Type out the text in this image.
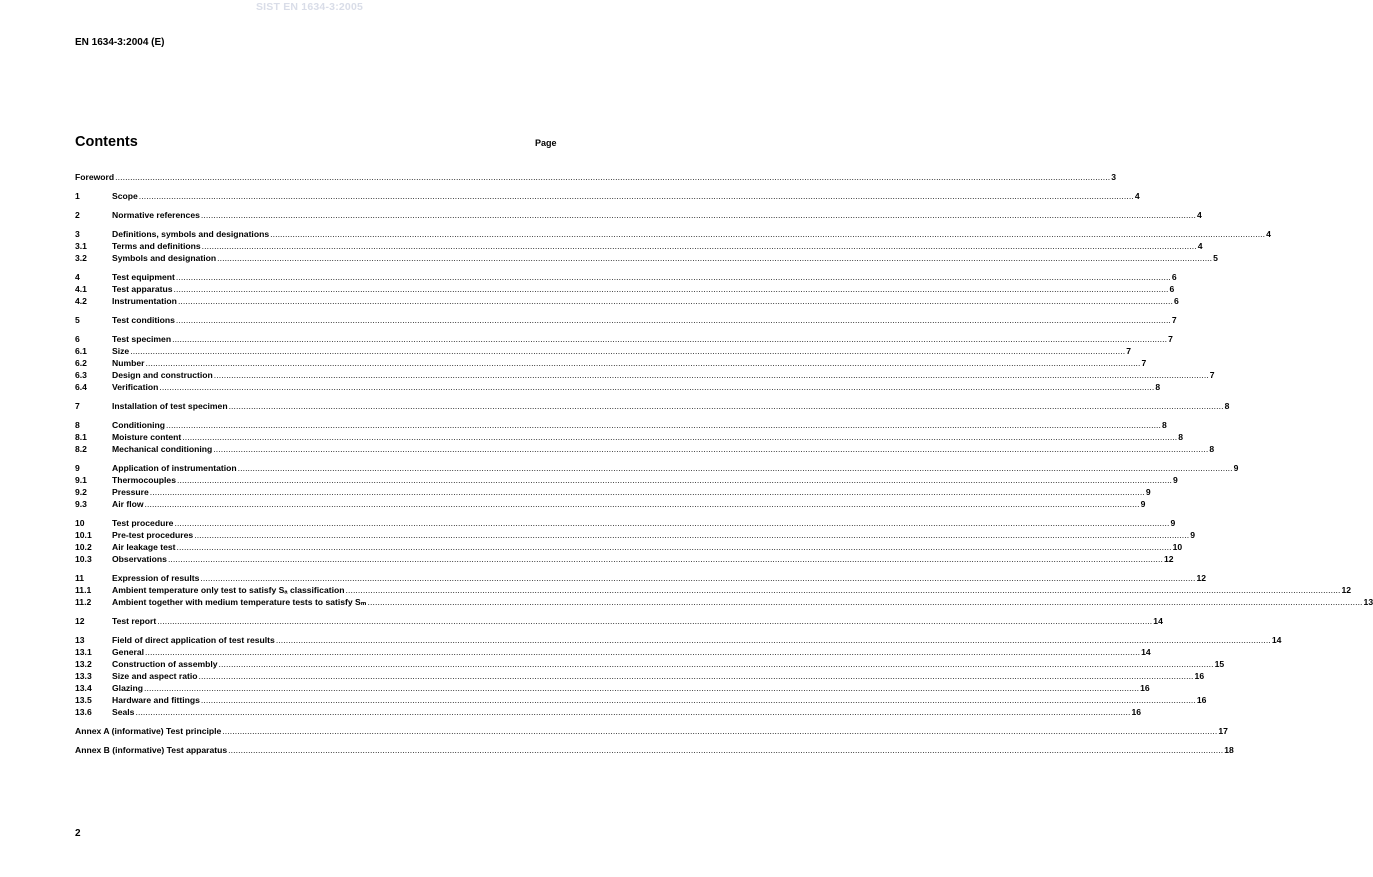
SIST EN 1634-3:2005
EN 1634-3:2004 (E)
Contents	Page
Foreword ................................................................................................................................................................................................................................................................................................................................................................................................................ 3
1	Scope ................................................................................................................................................................................................................................................................................................................................................................................................................ 4
2	Normative references ................................................................................................................................................................................................................................................................................................................................................................................................................ 4
3	Definitions, symbols and designations ................................................................................................................................................................................................................................................................................................................................................................................................................ 4
3.1	Terms and definitions ................................................................................................................................................................................................................................................................................................................................................................................................................ 4
3.2	Symbols and designation ................................................................................................................................................................................................................................................................................................................................................................................................................ 5
4	Test equipment ................................................................................................................................................................................................................................................................................................................................................................................................................ 6
4.1	Test apparatus ................................................................................................................................................................................................................................................................................................................................................................................................................ 6
4.2	Instrumentation ................................................................................................................................................................................................................................................................................................................................................................................................................ 6
5	Test conditions ................................................................................................................................................................................................................................................................................................................................................................................................................ 7
6	Test specimen ................................................................................................................................................................................................................................................................................................................................................................................................................ 7
6.1	Size ................................................................................................................................................................................................................................................................................................................................................................................................................ 7
6.2	Number ................................................................................................................................................................................................................................................................................................................................................................................................................ 7
6.3	Design and construction ................................................................................................................................................................................................................................................................................................................................................................................................................ 7
6.4	Verification ................................................................................................................................................................................................................................................................................................................................................................................................................ 8
7	Installation of test specimen ................................................................................................................................................................................................................................................................................................................................................................................................................ 8
8	Conditioning ................................................................................................................................................................................................................................................................................................................................................................................................................ 8
8.1	Moisture content ................................................................................................................................................................................................................................................................................................................................................................................................................ 8
8.2	Mechanical conditioning ................................................................................................................................................................................................................................................................................................................................................................................................................ 8
9	Application of instrumentation ................................................................................................................................................................................................................................................................................................................................................................................................................ 9
9.1	Thermocouples ................................................................................................................................................................................................................................................................................................................................................................................................................ 9
9.2	Pressure ................................................................................................................................................................................................................................................................................................................................................................................................................ 9
9.3	Air flow ................................................................................................................................................................................................................................................................................................................................................................................................................ 9
10	Test procedure ................................................................................................................................................................................................................................................................................................................................................................................................................ 9
10.1	Pre-test procedures ................................................................................................................................................................................................................................................................................................................................................................................................................ 9
10.2	Air leakage test ................................................................................................................................................................................................................................................................................................................................................................................................................ 10
10.3	Observations ................................................................................................................................................................................................................................................................................................................................................................................................................ 12
11	Expression of results ................................................................................................................................................................................................................................................................................................................................................................................................................ 12
11.1	Ambient temperature only test to satisfy Sₐ classification ................................................................................................................................................................................................................................................................................................................................................................................................................ 12
11.2	Ambient together with medium temperature tests to satisfy Sₘ ................................................................................................................................................................................................................................................................................................................................................................................................................ 13
12	Test report ................................................................................................................................................................................................................................................................................................................................................................................................................ 14
13	Field of direct application of test results ................................................................................................................................................................................................................................................................................................................................................................................................................ 14
13.1	General ................................................................................................................................................................................................................................................................................................................................................................................................................ 14
13.2	Construction of assembly ................................................................................................................................................................................................................................................................................................................................................................................................................ 15
13.3	Size and aspect ratio ................................................................................................................................................................................................................................................................................................................................................................................................................ 16
13.4	Glazing ................................................................................................................................................................................................................................................................................................................................................................................................................ 16
13.5	Hardware and fittings ................................................................................................................................................................................................................................................................................................................................................................................................................ 16
13.6	Seals ................................................................................................................................................................................................................................................................................................................................................................................................................ 16
Annex A (informative) Test principle ................................................................................................................................................................................................................................................................................................................................................................................................................ 17
Annex B (informative) Test apparatus ................................................................................................................................................................................................................................................................................................................................................................................................................ 18
2
